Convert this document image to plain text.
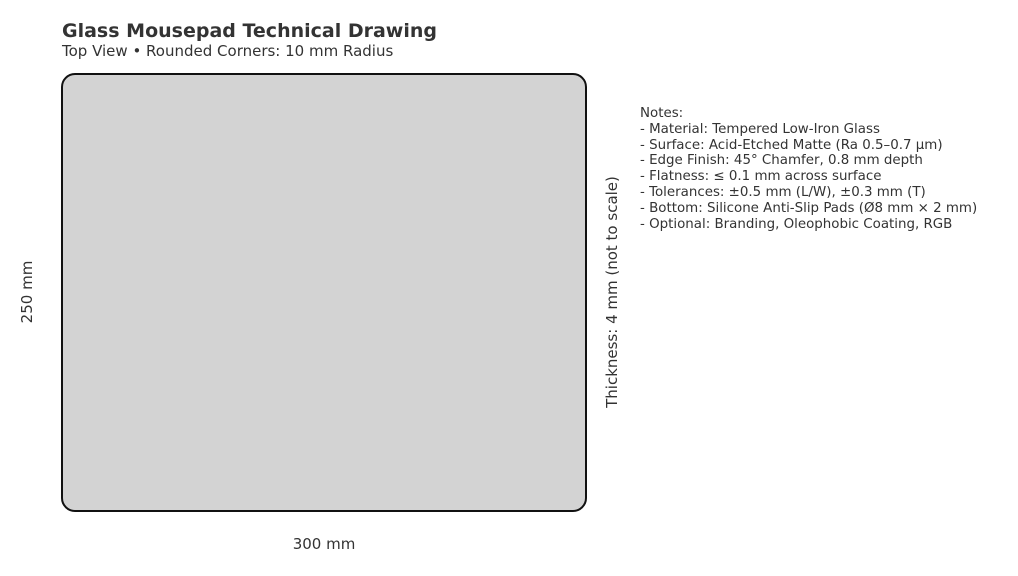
Glass Mousepad Technical Drawing
Top View • Rounded Corners: 10 mm Radius
300 mm
250 mm	Thickness: 4 mm (not to scale)
Notes:
- Material: Tempered Low-Iron Glass
- Surface: Acid-Etched Matte (Ra 0.5–0.7 µm)
- Edge Finish: 45° Chamfer, 0.8 mm depth
- Flatness: ≤ 0.1 mm across surface
- Tolerances: ±0.5 mm (L/W), ±0.3 mm (T)
- Bottom: Silicone Anti-Slip Pads (Ø8 mm × 2 mm)
- Optional: Branding, Oleophobic Coating, RGB
